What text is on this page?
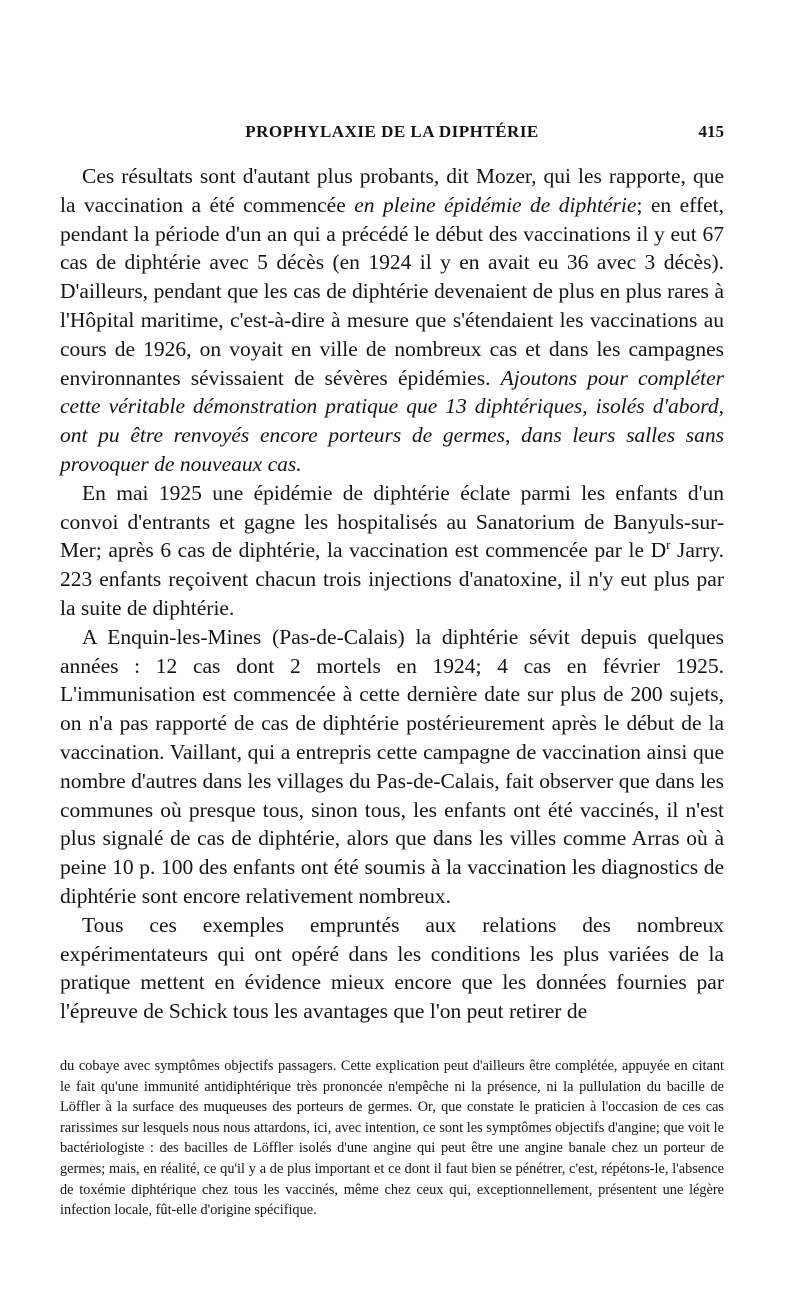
PROPHYLAXIE DE LA DIPHTÉRIE	415

Ces résultats sont d'autant plus probants, dit Mozer, qui les rapporte, que la vaccination a été commencée en pleine épidémie de diphtérie; en effet, pendant la période d'un an qui a précédé le début des vaccinations il y eut 67 cas de diphtérie avec 5 décès (en 1924 il y en avait eu 36 avec 3 décès). D'ailleurs, pendant que les cas de diphtérie devenaient de plus en plus rares à l'Hôpital maritime, c'est-à-dire à mesure que s'étendaient les vaccinations au cours de 1926, on voyait en ville de nombreux cas et dans les campagnes environnantes sévissaient de sévères épidémies. Ajoutons pour compléter cette véritable démonstration pratique que 13 diphtériques, isolés d'abord, ont pu être renvoyés encore porteurs de germes, dans leurs salles sans provoquer de nouveaux cas.

En mai 1925 une épidémie de diphtérie éclate parmi les enfants d'un convoi d'entrants et gagne les hospitalisés au Sanatorium de Banyuls-sur-Mer; après 6 cas de diphtérie, la vaccination est commencée par le $D^r$ Jarry. 223 enfants reçoivent chacun trois injections d'anatoxine, il n'y eut plus par la suite de diphtérie.

A Enquin-les-Mines (Pas-de-Calais) la diphtérie sévit depuis quelques années : 12 cas dont 2 mortels en 1924; 4 cas en février 1925. L'immunisation est commencée à cette dernière date sur plus de 200 sujets, on n'a pas rapporté de cas de diphtérie postérieurement après le début de la vaccination. Vaillant, qui a entrepris cette campagne de vaccination ainsi que nombre d'autres dans les villages du Pas-de-Calais, fait observer que dans les communes où presque tous, sinon tous, les enfants ont été vaccinés, il n'est plus signalé de cas de diphtérie, alors que dans les villes comme Arras où à peine 10 p. 100 des enfants ont été soumis à la vaccination les diagnostics de diphtérie sont encore relativement nombreux.

Tous ces exemples empruntés aux relations des nombreux expérimentateurs qui ont opéré dans les conditions les plus variées de la pratique mettent en évidence mieux encore que les données fournies par l'épreuve de Schick tous les avantages que l'on peut retirer de

du cobaye avec symptômes objectifs passagers. Cette explication peut d'ailleurs être complétée, appuyée en citant le fait qu'une immunité antidiphtérique très prononcée n'empêche ni la présence, ni la pullulation du bacille de Löffler à la surface des muqueuses des porteurs de germes. Or, que constate le praticien à l'occasion de ces cas rarissimes sur lesquels nous nous attardons, ici, avec intention, ce sont les symptômes objectifs d'angine; que voit le bactériologiste : des bacilles de Löffler isolés d'une angine qui peut être une angine banale chez un porteur de germes; mais, en réalité, ce qu'il y a de plus important et ce dont il faut bien se pénétrer, c'est, répétons-le, l'absence de toxémie diphtérique chez tous les vaccinés, même chez ceux qui, exceptionnellement, présentent une légère infection locale, fût-elle d'origine spécifique.
